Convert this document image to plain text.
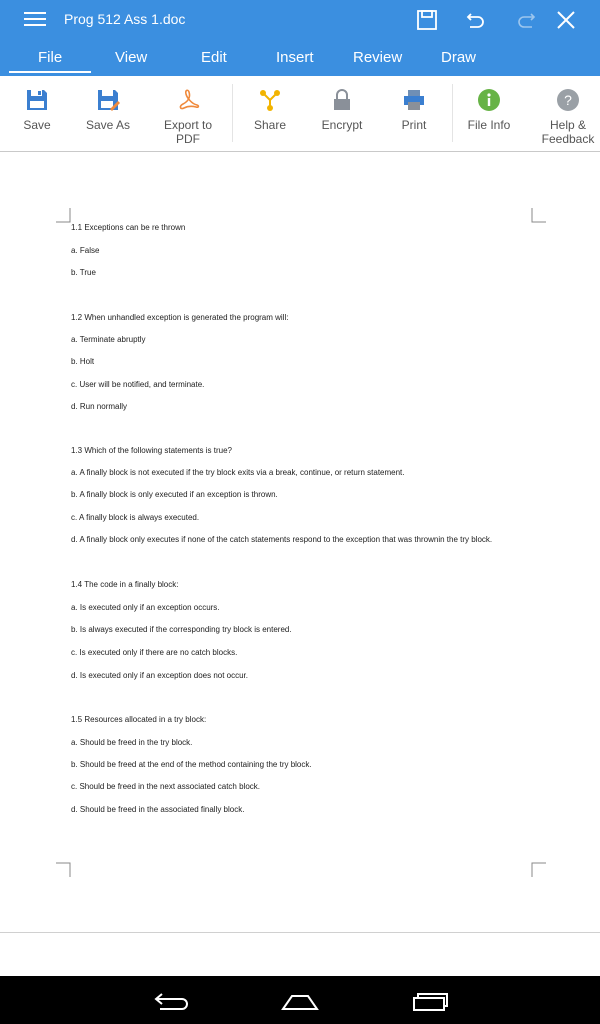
Prog 512 Ass 1.doc
File	View	Edit	Insert	Review	Draw
Save	Save As	Export to
PDF
Share	Encrypt	Print	File Info
?
Help &
Feedback

1.1 Exceptions can be re thrown

a. False

b. True

1.2 When unhandled exception is generated the program will:

a. Terminate abruptly

b. Holt

c. User will be notified, and terminate.

d. Run normally

1.3 Which of the following statements is true?

a. A finally block is not executed if the try block exits via a break, continue, or return statement.

b. A finally block is only executed if an exception is thrown.

c. A finally block is always executed.

d. A finally block only executes if none of the catch statements respond to the exception that was thrownin the try block.

1.4 The code in a finally block:

a. Is executed only if an exception occurs.

b. Is always executed if the corresponding try block is entered.

c. Is executed only if there are no catch blocks.

d. Is executed only if an exception does not occur.

1.5 Resources allocated in a try block:

a. Should be freed in the try block.

b. Should be freed at the end of the method containing the try block.

c. Should be freed in the next associated catch block.

d. Should be freed in the associated finally block.
